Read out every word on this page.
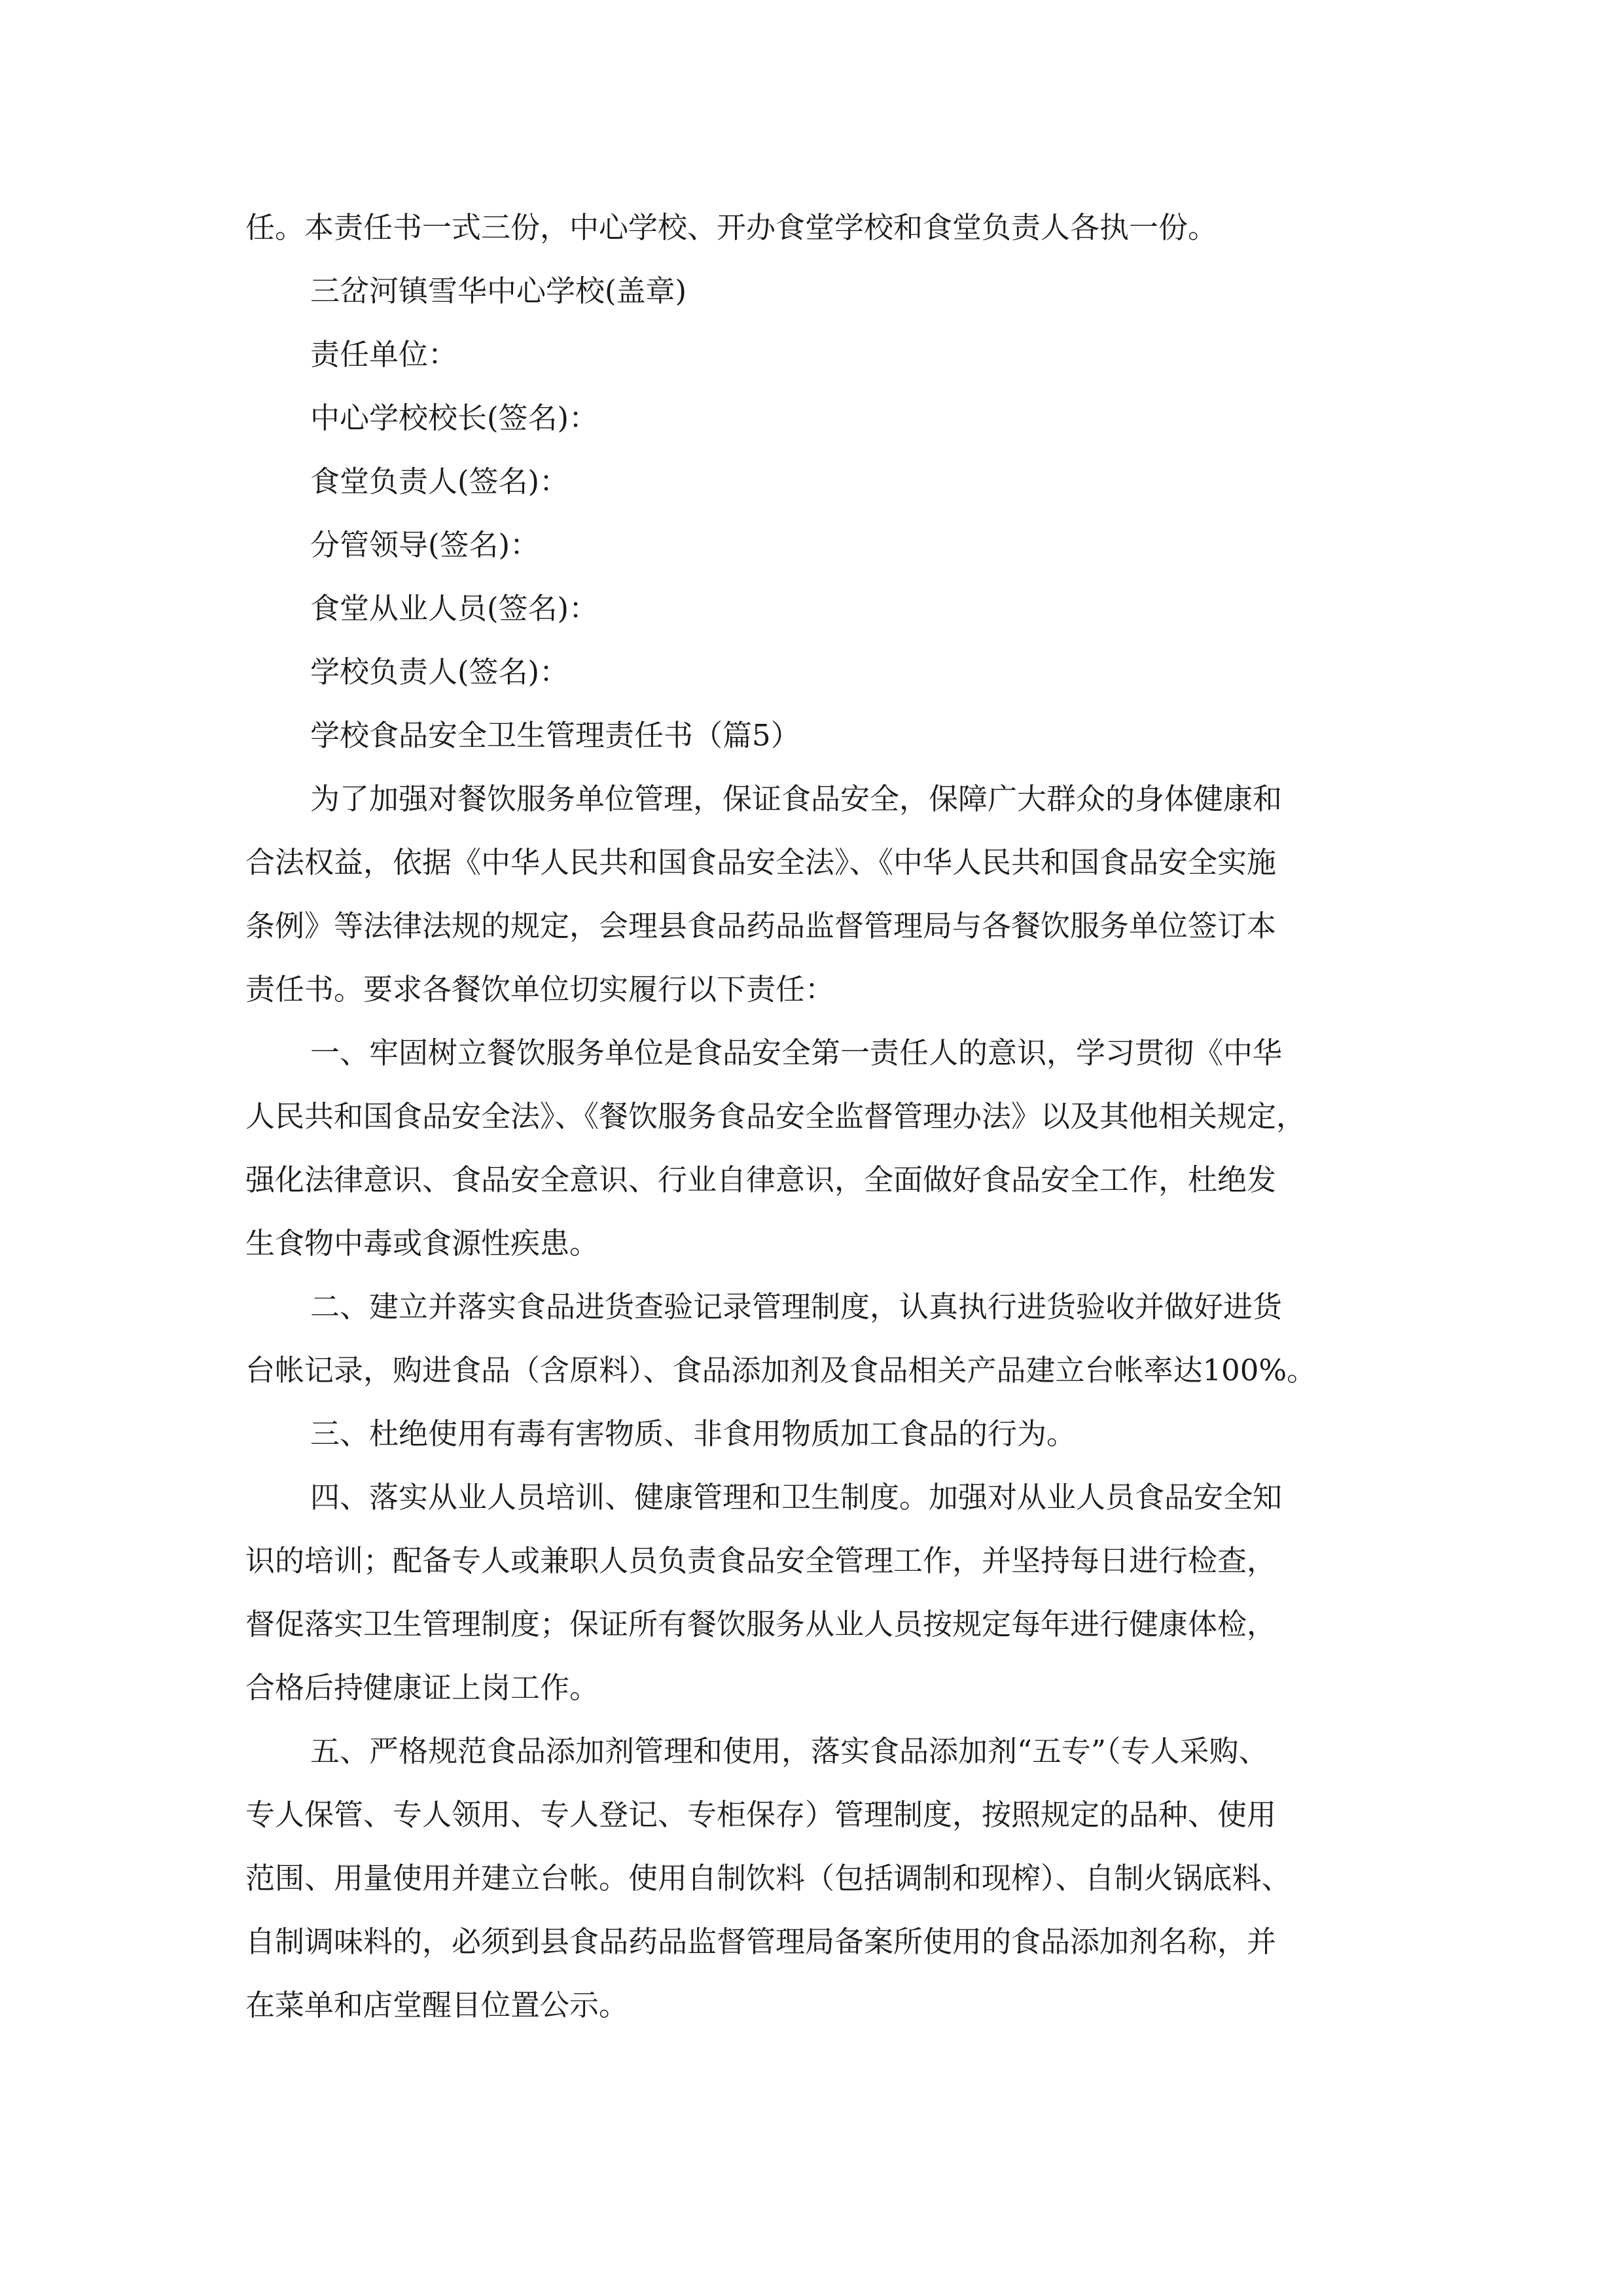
任。本责任书一式三份，中心学校、开办食堂学校和食堂负责人各执一份。

三岔河镇雪华中心学校(盖章)

责任单位：

中心学校校长(签名)：

食堂负责人(签名)：

分管领导(签名)：

食堂从业人员(签名)：

学校负责人(签名)：

学校食品安全卫生管理责任书（篇5）

为了加强对餐饮服务单位管理，保证食品安全，保障广大群众的身体健康和

合法权益，依据《中华人民共和国食品安全法》、《中华人民共和国食品安全实施

条例》等法律法规的规定，会理县食品药品监督管理局与各餐饮服务单位签订本

责任书。要求各餐饮单位切实履行以下责任：

一、牢固树立餐饮服务单位是食品安全第一责任人的意识，学习贯彻《中华

人民共和国食品安全法》、《餐饮服务食品安全监督管理办法》以及其他相关规定，

强化法律意识、食品安全意识、行业自律意识，全面做好食品安全工作，杜绝发

生食物中毒或食源性疾患。

二、建立并落实食品进货查验记录管理制度，认真执行进货验收并做好进货

台帐记录，购进食品（含原料）、食品添加剂及食品相关产品建立台帐率达100%。

三、杜绝使用有毒有害物质、非食用物质加工食品的行为。

四、落实从业人员培训、健康管理和卫生制度。加强对从业人员食品安全知

识的培训；配备专人或兼职人员负责食品安全管理工作，并坚持每日进行检查，

督促落实卫生管理制度；保证所有餐饮服务从业人员按规定每年进行健康体检，

合格后持健康证上岗工作。

五、严格规范食品添加剂管理和使用，落实食品添加剂“五专”（专人采购、

专人保管、专人领用、专人登记、专柜保存）管理制度，按照规定的品种、使用

范围、用量使用并建立台帐。使用自制饮料（包括调制和现榨）、自制火锅底料、

自制调味料的，必须到县食品药品监督管理局备案所使用的食品添加剂名称，并

在菜单和店堂醒目位置公示。
